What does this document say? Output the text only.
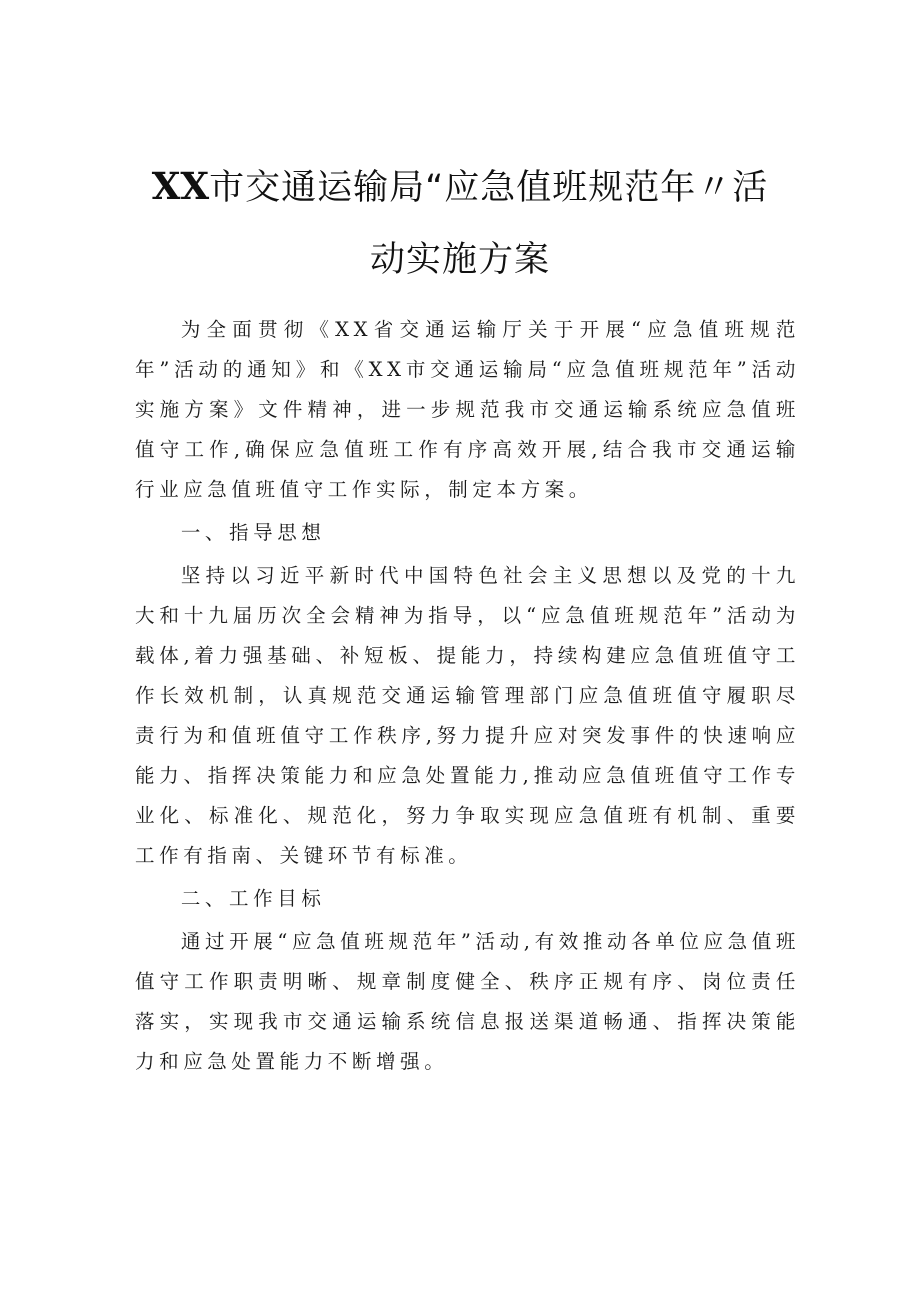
XX市交通运输局“应急值班规范年〃活
动实施方案

为全面贯彻《XX省交通运输厅关于开展“应急值班规范年”活动的通知》和《XX市交通运输局“应急值班规范年”活动实施方案》文件精神，进一步规范我市交通运输系统应急值班值守工作,确保应急值班工作有序高效开展,结合我市交通运输行业应急值班值守工作实际，制定本方案。

一、指导思想

坚持以习近平新时代中国特色社会主义思想以及党的十九大和十九届历次全会精神为指导，以“应急值班规范年”活动为载体,着力强基础、补短板、提能力，持续构建应急值班值守工作长效机制，认真规范交通运输管理部门应急值班值守履职尽责行为和值班值守工作秩序,努力提升应对突发事件的快速响应能力、指挥决策能力和应急处置能力,推动应急值班值守工作专业化、标准化、规范化，努力争取实现应急值班有机制、重要工作有指南、关键环节有标准。

二、工作目标

通过开展“应急值班规范年”活动,有效推动各单位应急值班值守工作职责明晰、规章制度健全、秩序正规有序、岗位责任落实，实现我市交通运输系统信息报送渠道畅通、指挥决策能力和应急处置能力不断增强。
